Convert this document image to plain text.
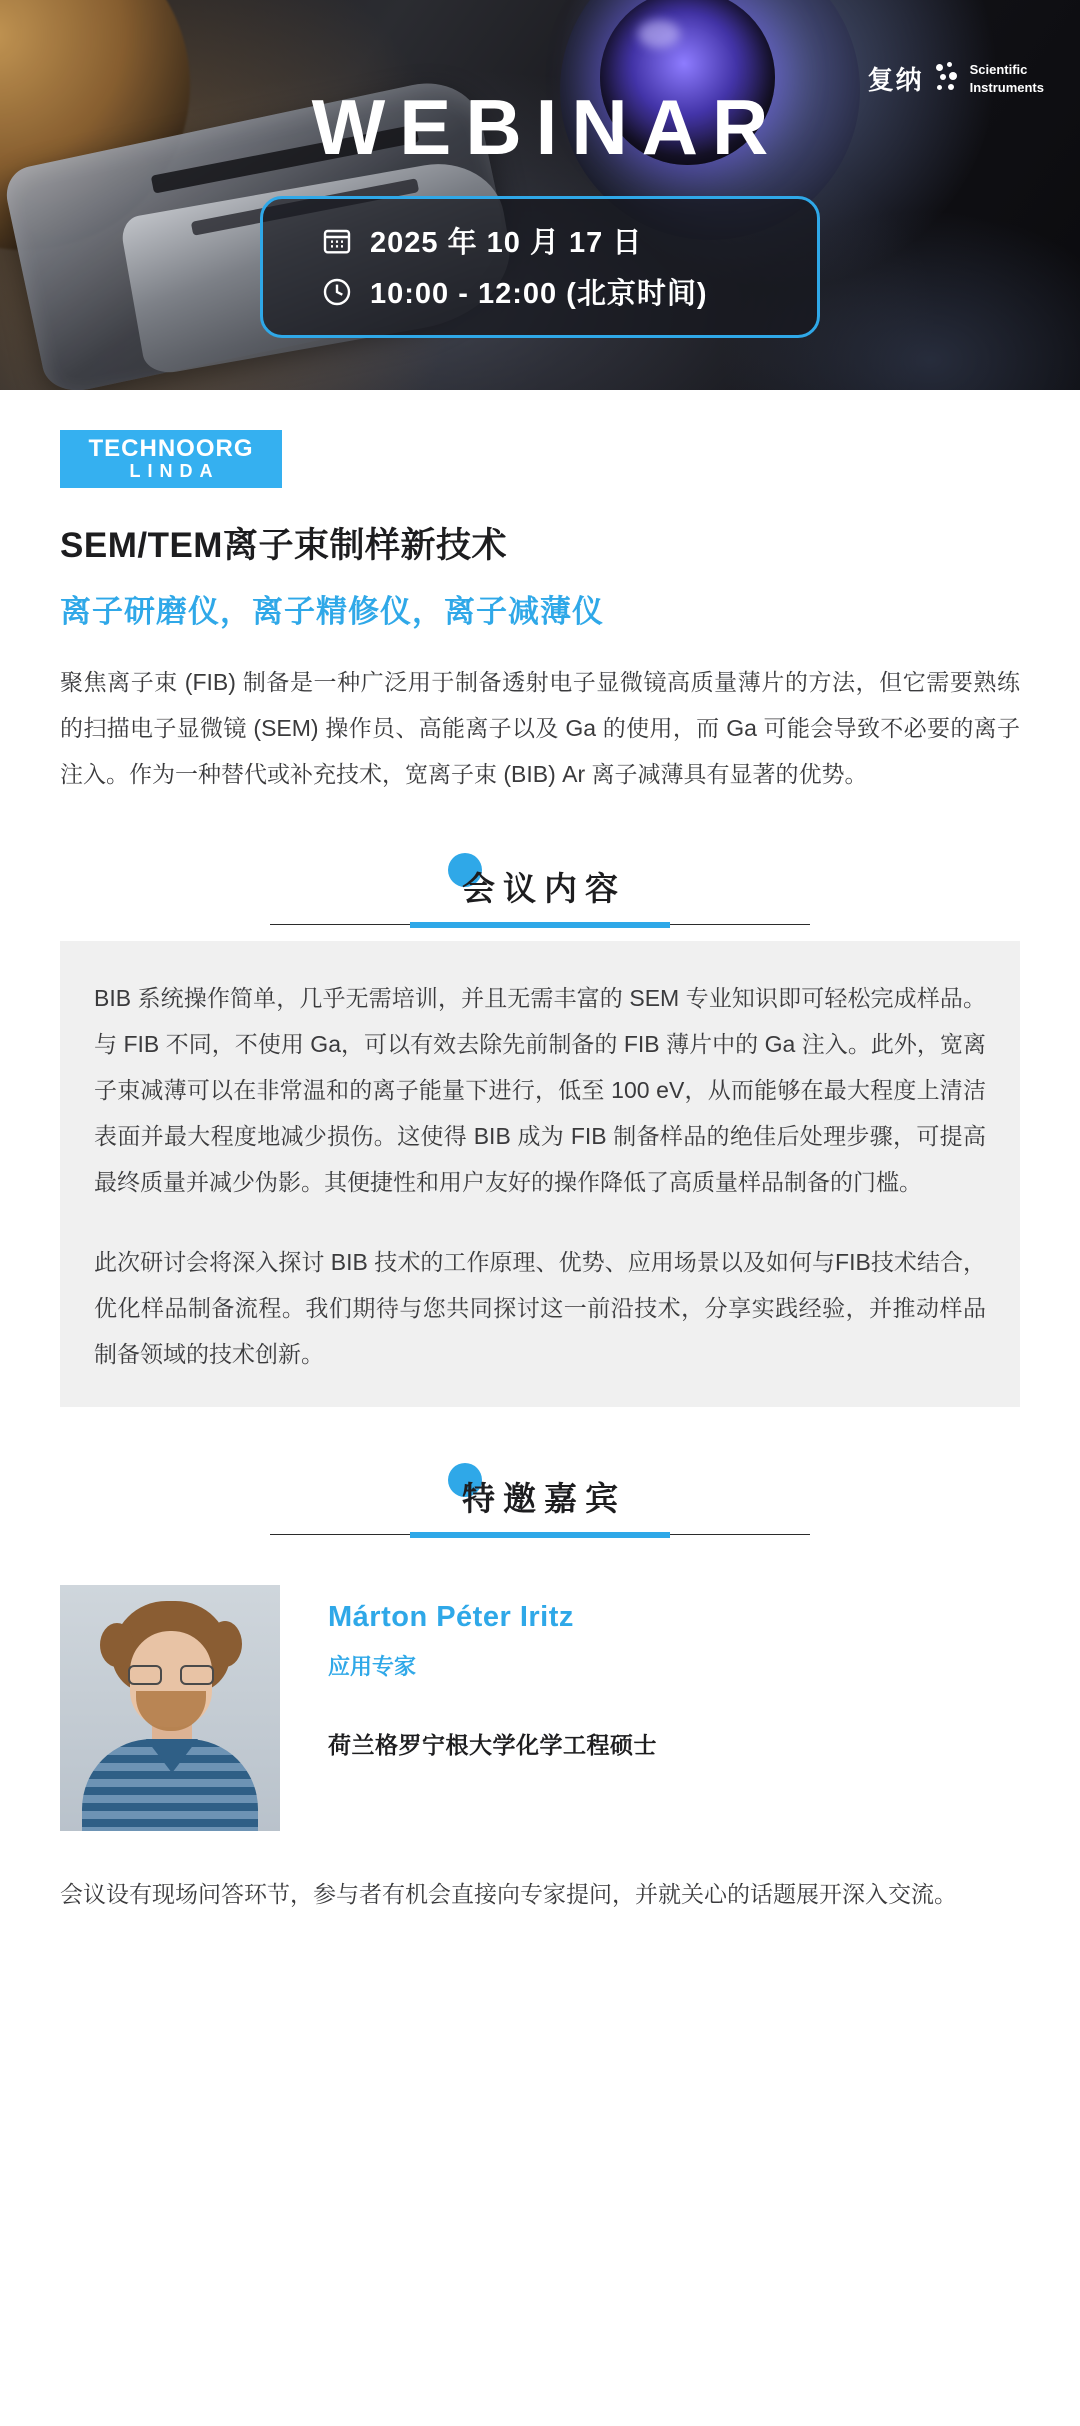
WEBINAR
2025 年 10 月 17 日
10:00 - 12:00 (北京时间)
复纳	Scientific
Instruments
TECHNOORG
LINDA
SEM/TEM离子束制样新技术
离子研磨仪，离子精修仪，离子减薄仪

聚焦离子束 (FIB) 制备是一种广泛用于制备透射电子显微镜高质量薄片的方法，但它需要熟练的扫描电子显微镜 (SEM) 操作员、高能离子以及 Ga 的使用，而 Ga 可能会导致不必要的离子注入。作为一种替代或补充技术，宽离子束 (BIB) Ar 离子减薄具有显著的优势。

会议内容

BIB 系统操作简单，几乎无需培训，并且无需丰富的 SEM 专业知识即可轻松完成样品。与 FIB 不同，不使用 Ga，可以有效去除先前制备的 FIB 薄片中的 Ga 注入。此外，宽离子束减薄可以在非常温和的离子能量下进行，低至 100 eV，从而能够在最大程度上清洁表面并最大程度地减少损伤。这使得 BIB 成为 FIB 制备样品的绝佳后处理步骤，可提高最终质量并减少伪影。其便捷性和用户友好的操作降低了高质量样品制备的门槛。

此次研讨会将深入探讨 BIB 技术的工作原理、优势、应用场景以及如何与FIB技术结合，优化样品制备流程。我们期待与您共同探讨这一前沿技术，分享实践经验，并推动样品制备领域的技术创新。

特邀嘉宾
Márton Péter Iritz
应用专家
荷兰格罗宁根大学化学工程硕士

会议设有现场问答环节，参与者有机会直接向专家提问，并就关心的话题展开深入交流。
